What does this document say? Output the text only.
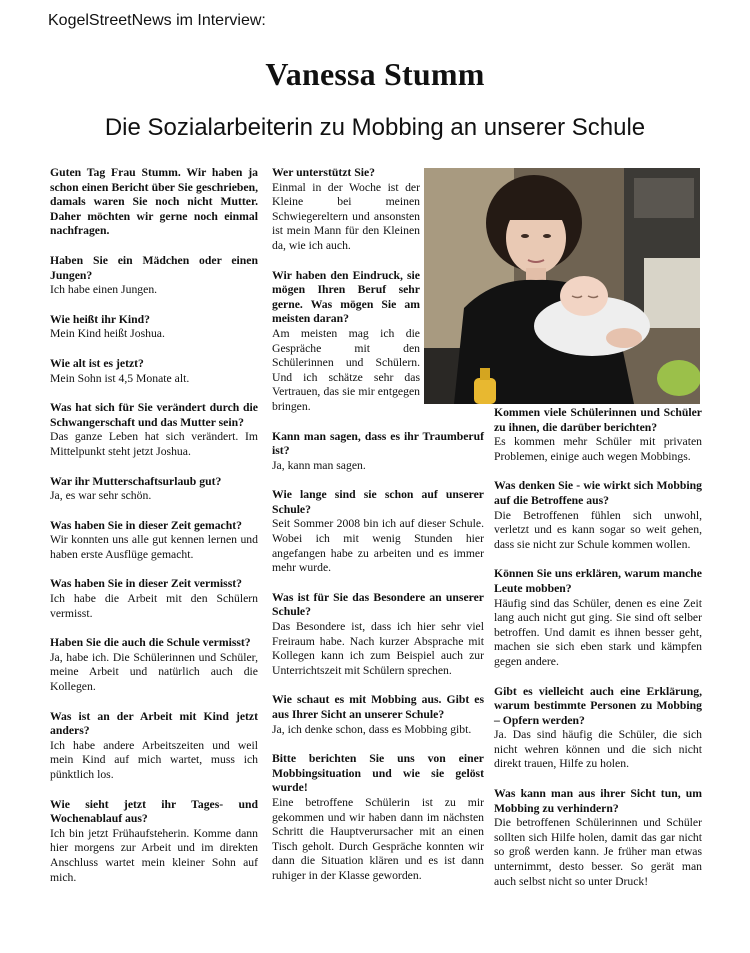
KogelStreetNews im Interview:
Vanessa Stumm
Die Sozialarbeiterin zu Mobbing an unserer Schule
Guten Tag Frau Stumm. Wir haben ja schon einen Bericht über Sie geschrieben, damals waren Sie noch nicht Mutter. Daher möchten wir gerne noch einmal nachfragen.
Haben Sie ein Mädchen oder einen Jungen?
Ich habe einen Jungen.
Wie heißt ihr Kind?
Mein Kind heißt Joshua.
Wie alt ist es jetzt?
Mein Sohn ist 4,5 Monate alt.
Was hat sich für Sie verändert durch die Schwangerschaft und das Mutter sein?
Das ganze Leben hat sich verändert. Im Mittelpunkt steht jetzt Joshua.
War ihr Mutterschaftsurlaub gut?
Ja, es war sehr schön.
Was haben Sie in dieser Zeit gemacht?
Wir konnten uns alle gut kennen lernen und haben erste Ausflüge gemacht.
Was haben Sie in dieser Zeit vermisst?
Ich habe die Arbeit mit den Schülern vermisst.
Haben Sie die auch die Schule vermisst?
Ja, habe ich. Die Schülerinnen und Schüler, meine Arbeit und natürlich auch die Kollegen.
Was ist an der Arbeit mit Kind jetzt anders?
Ich habe andere Arbeitszeiten und weil mein Kind auf mich wartet, muss ich pünktlich los.
Wie sieht jetzt ihr Tages- und Wochenablauf aus?
Ich bin jetzt Frühaufsteherin. Komme dann hier morgens zur Arbeit und im direkten Anschluss wartet mein kleiner Sohn auf mich.
Wer unterstützt Sie?
Einmal in der Woche ist der Kleine bei meinen Schwiegereltern und ansonsten ist mein Mann für den Kleinen da, wie ich auch.
Wir haben den Eindruck, sie mögen Ihren Beruf sehr gerne. Was mögen Sie am meisten daran?
Am meisten mag ich die Gespräche mit den Schülerinnen und Schülern. Und ich schätze sehr das Vertrauen, das sie mir entgegen bringen.
Kann man sagen, dass es ihr Traumberuf ist?
Ja, kann man sagen.
Wie lange sind sie schon auf unserer Schule?
Seit Sommer 2008 bin ich auf dieser Schule. Wobei ich mit wenig Stunden hier angefangen habe zu arbeiten und es immer mehr wurde.
Was ist für Sie das Besondere an unserer Schule?
Das Besondere ist, dass ich hier sehr viel Freiraum habe. Nach kurzer Absprache mit Kollegen kann ich zum Beispiel auch zur Unterrichtszeit mit Schülern sprechen.
Wie schaut es mit Mobbing aus. Gibt es aus Ihrer Sicht an unserer Schule?
Ja, ich denke schon, dass es Mobbing gibt.
Bitte berichten Sie uns von einer Mobbingsituation und wie sie gelöst wurde!
Eine betroffene Schülerin ist zu mir gekommen und wir haben dann im nächsten Schritt die Hauptverursacher mit an einen Tisch geholt. Durch Gespräche konnten wir dann die Situation klären und es ist dann ruhiger in der Klasse geworden.
Kommen viele Schülerinnen und Schüler zu ihnen, die darüber berichten?
Es kommen mehr Schüler mit privaten Problemen, einige auch wegen Mobbings.
Was denken Sie - wie wirkt sich Mobbing auf die Betroffene aus?
Die Betroffenen fühlen sich unwohl, verletzt und es kann sogar so weit gehen, dass sie nicht zur Schule kommen wollen.
Können Sie uns erklären, warum manche Leute mobben?
Häufig sind das Schüler, denen es eine Zeit lang auch nicht gut ging. Sie sind oft selber betroffen. Und damit es ihnen besser geht, machen sie sich eben stark und kämpfen gegen andere.
Gibt es vielleicht auch eine Erklärung, warum bestimmte Personen zu Mobbing – Opfern werden?
Ja. Das sind häufig die Schüler, die sich nicht wehren können und die sich nicht direkt trauen, Hilfe zu holen.
Was kann man aus ihrer Sicht tun, um Mobbing zu verhindern?
Die betroffenen Schülerinnen und Schüler sollten sich Hilfe holen, damit das gar nicht so groß werden kann. Je früher man etwas unternimmt, desto besser. So gerät man auch selbst nicht so unter Druck!
